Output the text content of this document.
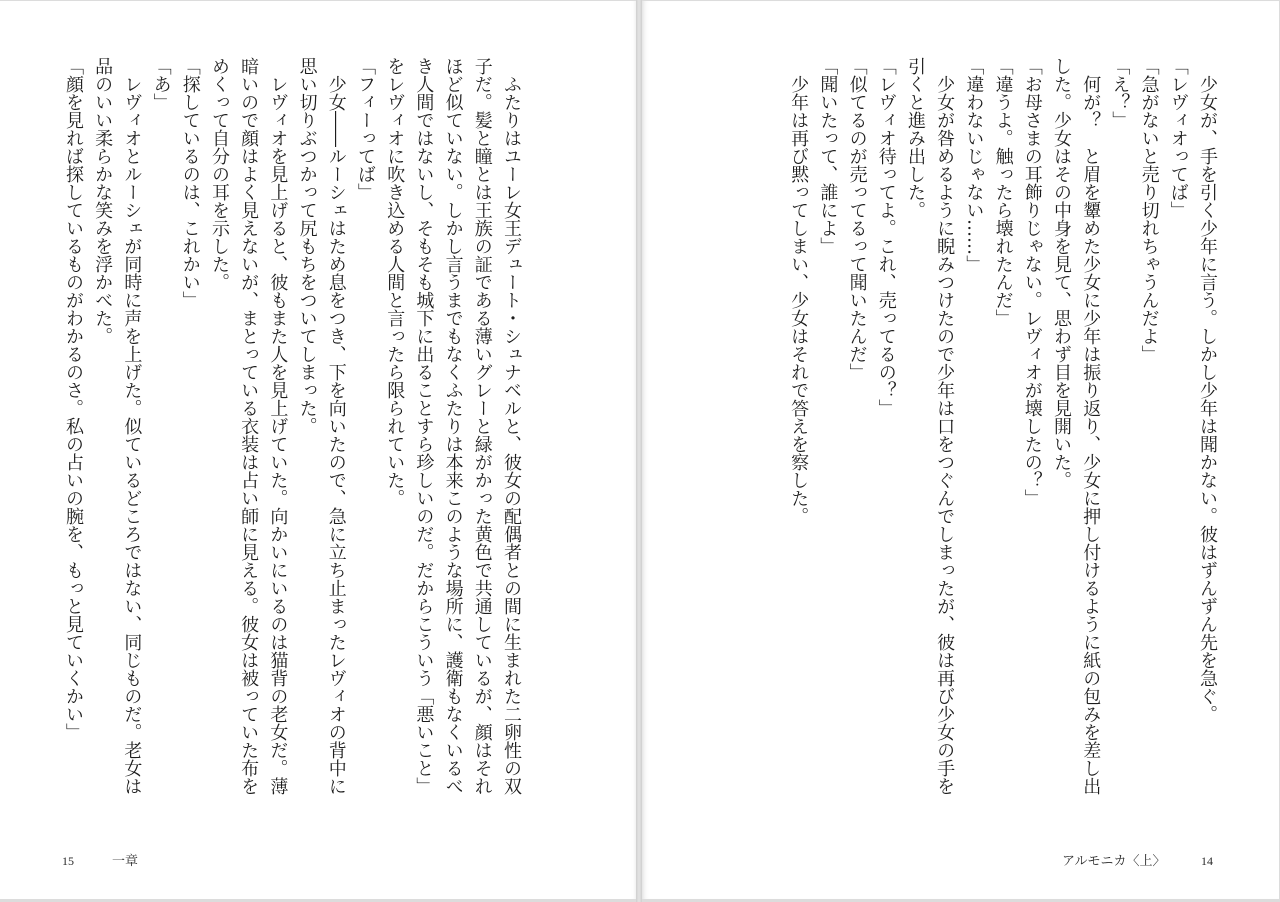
ふたりはユーレ女王デュート・シュナベルと、彼女の配偶者との間に生まれた二卵性の双
子だ。髪と瞳とは王族の証である薄いグレーと緑がかった黄色で共通しているが、顔はそれ
ほど似ていない。しかし言うまでもなくふたりは本来このような場所に、護衛もなくいるべ
き人間ではないし、そもそも城下に出ることすら珍しいのだ。だからこういう「悪いこと」
をレヴィオに吹き込める人間と言ったら限られていた。
「フィーってば」
少女――ルーシェはため息をつき、下を向いたので、急に立ち止まったレヴィオの背中に
思い切りぶつかって尻もちをついてしまった。
レヴィオを見上げると、彼もまた人を見上げていた。向かいにいるのは猫背の老女だ。薄
暗いので顔はよく見えないが、まとっている衣装は占い師に見える。彼女は被っていた布を
めくって自分の耳を示した。
「探しているのは、これかい」
「あ」
レヴィオとルーシェが同時に声を上げた。似ているどころではない、同じものだ。老女は
品のいい柔らかな笑みを浮かべた。
「顔を見れば探しているものがわかるのさ。私の占いの腕を、もっと見ていくかい」
15	一章
少女が、手を引く少年に言う。しかし少年は聞かない。彼はずんずん先を急ぐ。
「レヴィオってば」
「急がないと売り切れちゃうんだよ」
「え？」
何が？　と眉を顰めた少女に少年は振り返り、少女に押し付けるように紙の包みを差し出
した。少女はその中身を見て、思わず目を見開いた。
「お母さまの耳飾りじゃない。レヴィオが壊したの？」
「違うよ。触ったら壊れたんだ」
「違わないじゃない……」
少女が咎めるように睨みつけたので少年は口をつぐんでしまったが、彼は再び少女の手を
引くと進み出した。
「レヴィオ待ってよ。これ、売ってるの？」
「似てるのが売ってるって聞いたんだ」
「聞いたって、誰によ」
少年は再び黙ってしまい、少女はそれで答えを察した。
アルモニカ〈上〉	14
